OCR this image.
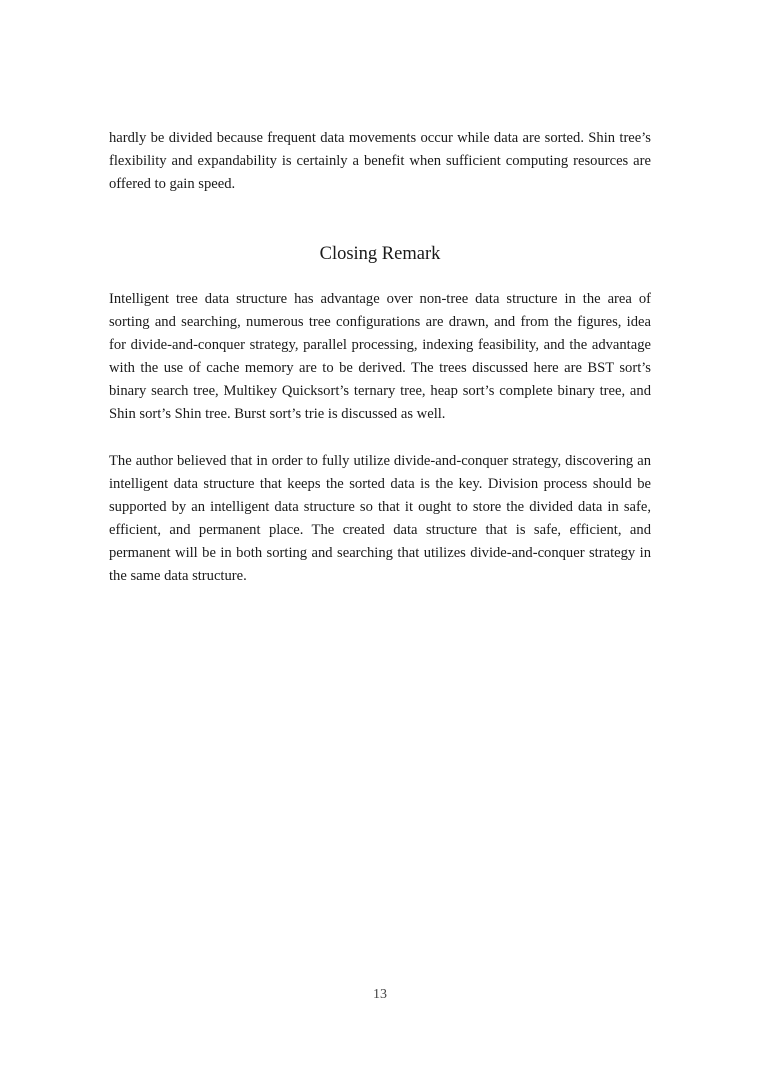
hardly be divided because frequent data movements occur while data are sorted. Shin tree’s flexibility and expandability is certainly a benefit when sufficient computing resources are offered to gain speed.

Closing Remark

Intelligent tree data structure has advantage over non-tree data structure in the area of sorting and searching, numerous tree configurations are drawn, and from the figures, idea for divide-and-conquer strategy, parallel processing, indexing feasibility, and the advantage with the use of cache memory are to be derived. The trees discussed here are BST sort’s binary search tree, Multikey Quicksort’s ternary tree, heap sort’s complete binary tree, and Shin sort’s Shin tree. Burst sort’s trie is discussed as well.

The author believed that in order to fully utilize divide-and-conquer strategy, discovering an intelligent data structure that keeps the sorted data is the key. Division process should be supported by an intelligent data structure so that it ought to store the divided data in safe, efficient, and permanent place. The created data structure that is safe, efficient, and permanent will be in both sorting and searching that utilizes divide-and-conquer strategy in the same data structure.

13
